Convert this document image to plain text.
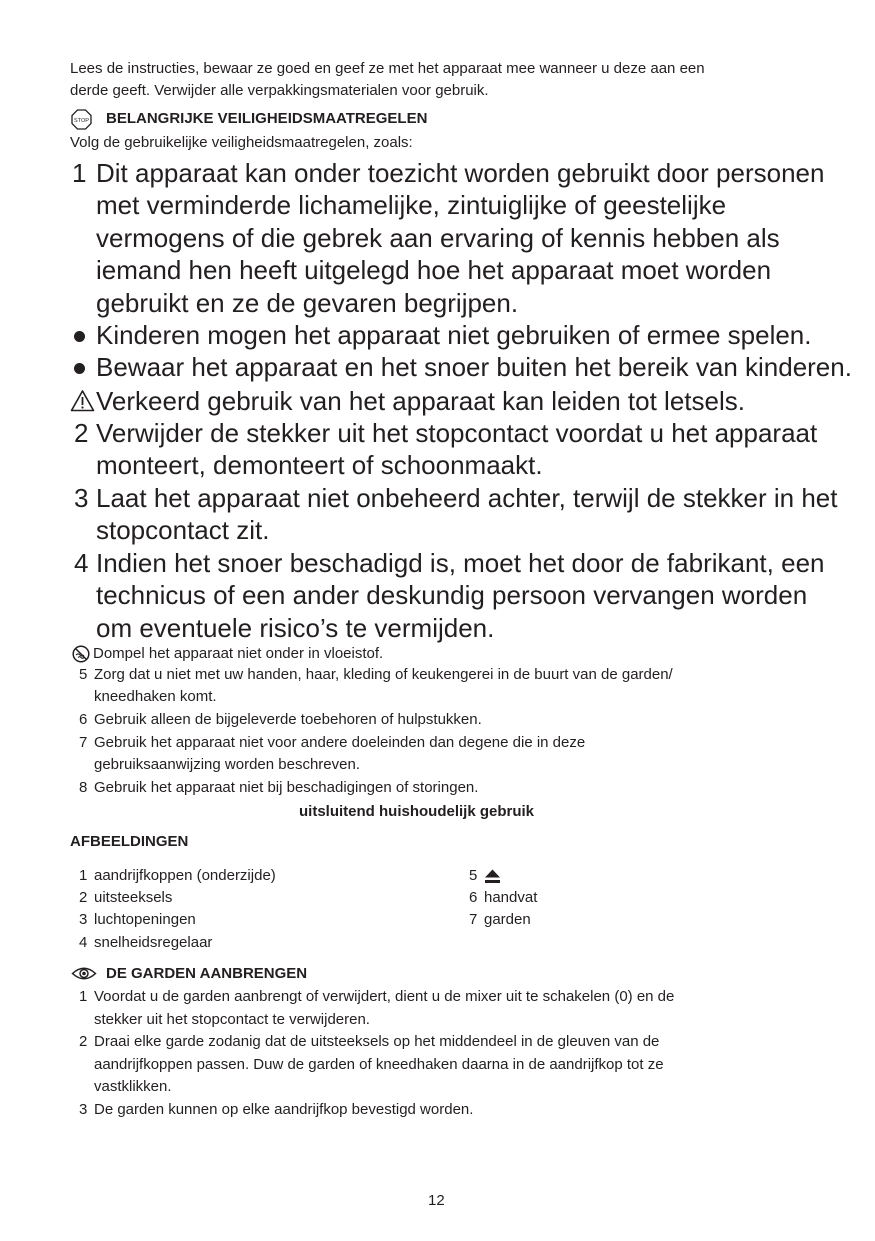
Lees de instructies, bewaar ze goed en geef ze met het apparaat mee wanneer u deze aan een
derde geeft. Verwijder alle verpakkingsmaterialen voor gebruik.
STOP BELANGRIJKE VEILIGHEIDSMAATREGELEN
Volg de gebruikelijke veiligheidsmaatregelen, zoals:
1 Dit apparaat kan onder toezicht worden gebruikt door personen
met verminderde lichamelijke, zintuiglijke of geestelijke
vermogens of die gebrek aan ervaring of kennis hebben als
iemand hen heeft uitgelegd hoe het apparaat moet worden
gebruikt en ze de gevaren begrijpen.
Kinderen mogen het apparaat niet gebruiken of ermee spelen.
Bewaar het apparaat en het snoer buiten het bereik van kinderen.
Verkeerd gebruik van het apparaat kan leiden tot letsels.
2 Verwijder de stekker uit het stopcontact voordat u het apparaat
monteert, demonteert of schoonmaakt.
3 Laat het apparaat niet onbeheerd achter, terwijl de stekker in het
stopcontact zit.
4 Indien het snoer beschadigd is, moet het door de fabrikant, een
technicus of een ander deskundig persoon vervangen worden
om eventuele risico’s te vermijden.
Dompel het apparaat niet onder in vloeistof.
5 Zorg dat u niet met uw handen, haar, kleding of keukengerei in de buurt van de garden/
kneedhaken komt.
6 Gebruik alleen de bijgeleverde toebehoren of hulpstukken.
7 Gebruik het apparaat niet voor andere doeleinden dan degene die in deze
gebruiksaanwijzing worden beschreven.
8 Gebruik het apparaat niet bij beschadigingen of storingen.
uitsluitend huishoudelijk gebruik
AFBEELDINGEN
1 aandrijfkoppen (onderzijde)
2 uitsteeksels
3 luchtopeningen
4 snelheidsregelaar
5
6 handvat
7 garden
DE GARDEN AANBRENGEN
1 Voordat u de garden aanbrengt of verwijdert, dient u de mixer uit te schakelen (0) en de
stekker uit het stopcontact te verwijderen.
2 Draai elke garde zodanig dat de uitsteeksels op het middendeel in de gleuven van de
aandrijfkoppen passen. Duw de garden of kneedhaken daarna in de aandrijfkop tot ze
vastklikken.
3 De garden kunnen op elke aandrijfkop bevestigd worden.
12
